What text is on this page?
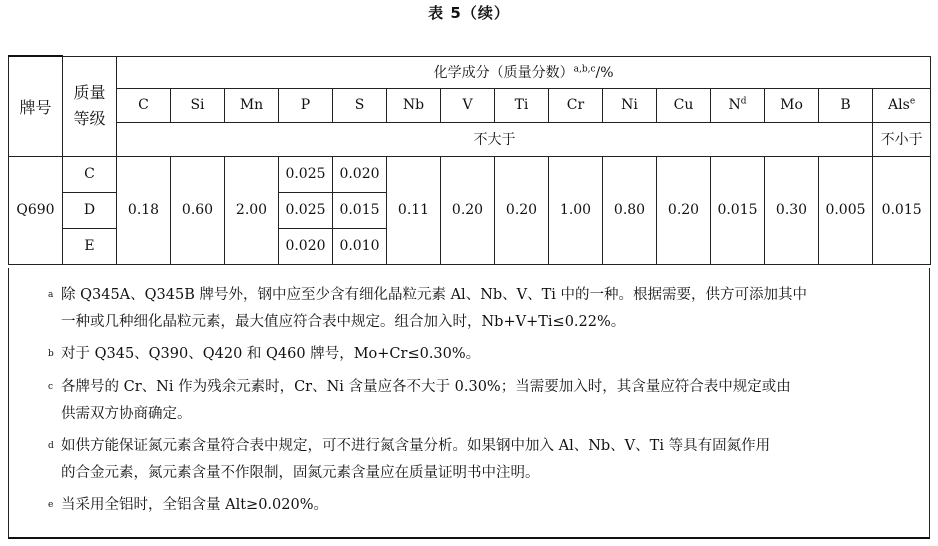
表 5（续）
牌号	质量等级	化学成分（质量分数）$^{a,b,c}$/%														
		C	Si	Mn	P	S	Nb	V	Ti	Cr	Ni	Cu	$N^d$	Mo	B	Als$^e$
		不大于														不小于
Q690	C	0.18	0.60	2.00	0.025	0.020	0.11	0.20	0.20	1.00	0.80	0.20	0.015	0.30	0.005	0.015
	D				0.025	0.015										
	E				0.020	0.010										
a 除 Q345A、Q345B 牌号外，钢中应至少含有细化晶粒元素 Al、Nb、V、Ti 中的一种。根据需要，供方可添加其中
一种或几种细化晶粒元素，最大值应符合表中规定。组合加入时，Nb+V+Ti≤0.22%。
b 对于 Q345、Q390、Q420 和 Q460 牌号，Mo+Cr≤0.30%。
c 各牌号的 Cr、Ni 作为残余元素时，Cr、Ni 含量应各不大于 0.30%；当需要加入时，其含量应符合表中规定或由
供需双方协商确定。
d 如供方能保证氮元素含量符合表中规定，可不进行氮含量分析。如果钢中加入 Al、Nb、V、Ti 等具有固氮作用
的合金元素，氮元素含量不作限制，固氮元素含量应在质量证明书中注明。
e 当采用全铝时，全铝含量 Alt≥0.020%。
